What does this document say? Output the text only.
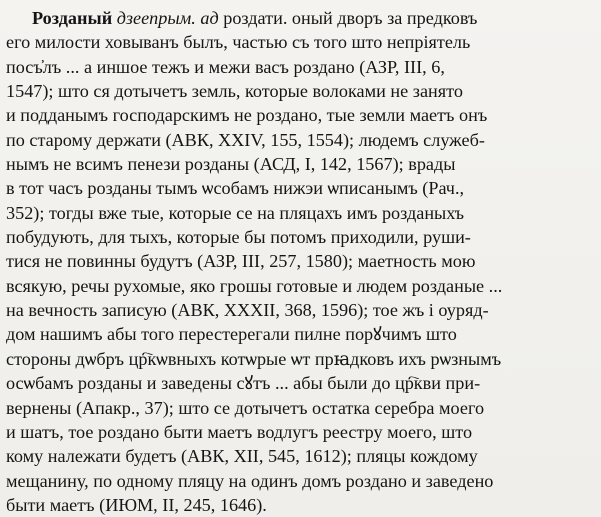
Розданый дзеепрым. ад роздати. оный дворъ за предковъ
его милости ховыванъ былъ, частью съ того што непріятель
посъ҆лъ ... а иншое тежъ и межи васъ роздано (АЗР, III, 6,
1547); што ся дотычетъ земль, которые волоками не занято
и подданымъ господарскимъ не роздано, тые земли маетъ онъ
по старому держати (АВК, XXIV, 155, 1554); людемъ служеб-
нымъ не всимъ пенези розданы (АСД, I, 142, 1567); врады
в тот часъ розданы тымъ ѡсобамъ нижэи ѡписанымъ (Рач.,
352); тогды вже тые, которые се на пляцахъ имъ розданыхъ
побудують, для тыхъ, которые бы потомъ приходили, руши-
тися не повинны будутъ (АЗР, III, 257, 1580); маетность мою
всякую, речы рухомые, яко грошы готовые и людем розданые ...
на вечность записую (АВК, XXXII, 368, 1596); тое жъ і оуряд-
дом нашимъ абы того перестерегали пилне порꙋчимъ што
стороны дѡбръ цр҇кѡвныхъ котѡрые ѡт прꙗдковъ ихъ рѡзнымъ
осѡбамъ розданы и заведены сꙋтъ ... абы были до цр҇кви при-
вернены (Апакр., 37); што се дотычетъ остатка серебра моего
и шатъ, тое роздано быти маетъ водлугъ реестру моего, што
кому належати будетъ (АВК, XII, 545, 1612); пляцы кождому
мещанину, по одному пляцу на одинъ домъ роздано и заведено
быти маетъ (ИЮМ, II, 245, 1646).
